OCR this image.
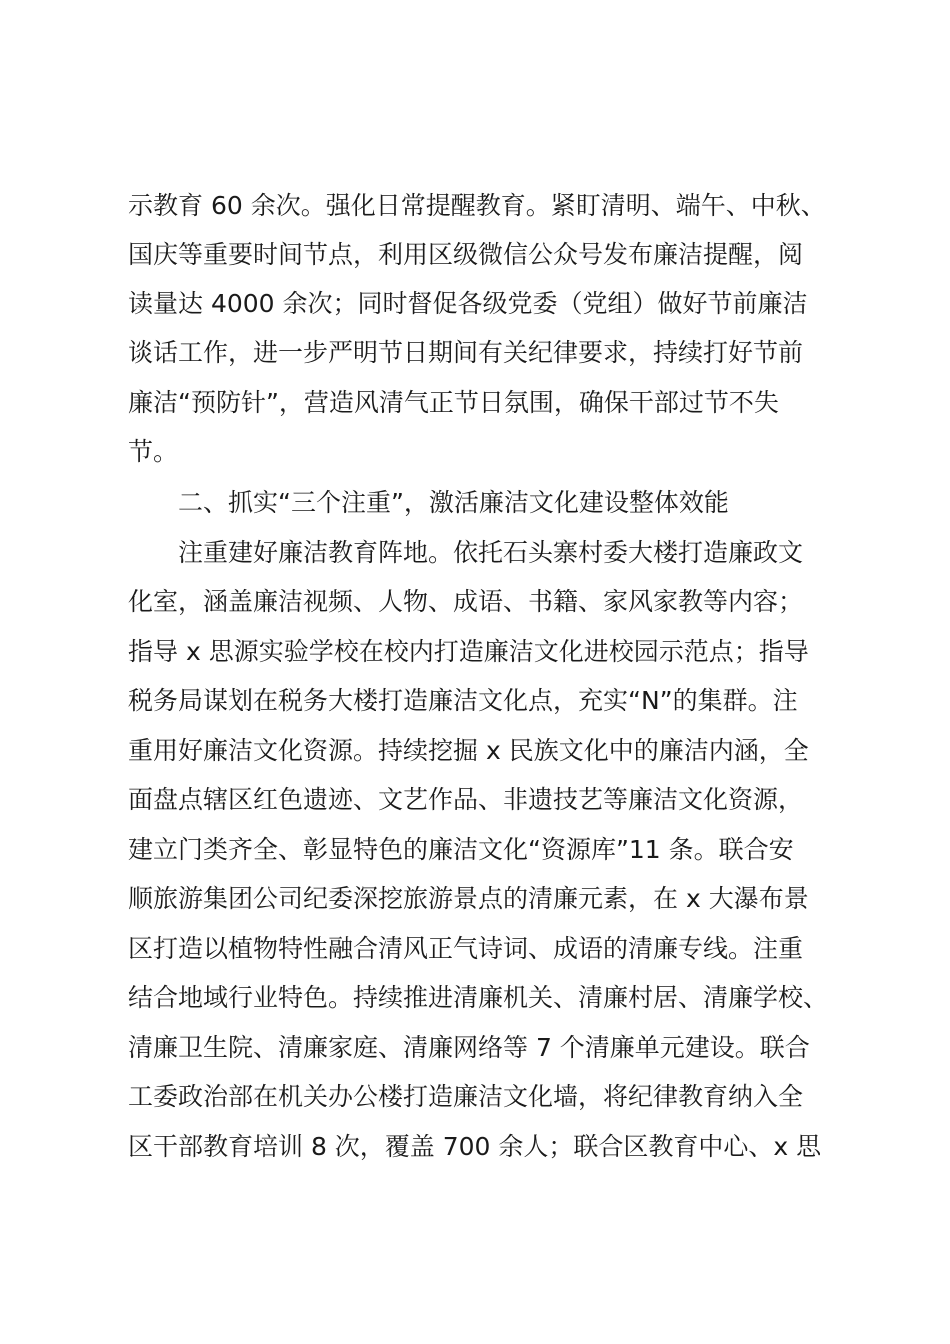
示教育 60 余次。强化日常提醒教育。紧盯清明、端午、中秋、
国庆等重要时间节点，利用区级微信公众号发布廉洁提醒，阅
读量达 4000 余次；同时督促各级党委（党组）做好节前廉洁
谈话工作，进一步严明节日期间有关纪律要求，持续打好节前
廉洁“预防针”，营造风清气正节日氛围，确保干部过节不失
节。
二、抓实“三个注重”，激活廉洁文化建设整体效能
注重建好廉洁教育阵地。依托石头寨村委大楼打造廉政文
化室，涵盖廉洁视频、人物、成语、书籍、家风家教等内容；
指导 x 思源实验学校在校内打造廉洁文化进校园示范点；指导
税务局谋划在税务大楼打造廉洁文化点，充实“N”的集群。注
重用好廉洁文化资源。持续挖掘 x 民族文化中的廉洁内涵，全
面盘点辖区红色遗迹、文艺作品、非遗技艺等廉洁文化资源，
建立门类齐全、彰显特色的廉洁文化“资源库”11 条。联合安
顺旅游集团公司纪委深挖旅游景点的清廉元素，在 x 大瀑布景
区打造以植物特性融合清风正气诗词、成语的清廉专线。注重
结合地域行业特色。持续推进清廉机关、清廉村居、清廉学校、
清廉卫生院、清廉家庭、清廉网络等 7 个清廉单元建设。联合
工委政治部在机关办公楼打造廉洁文化墙，将纪律教育纳入全
区干部教育培训 8 次，覆盖 700 余人；联合区教育中心、x 思
